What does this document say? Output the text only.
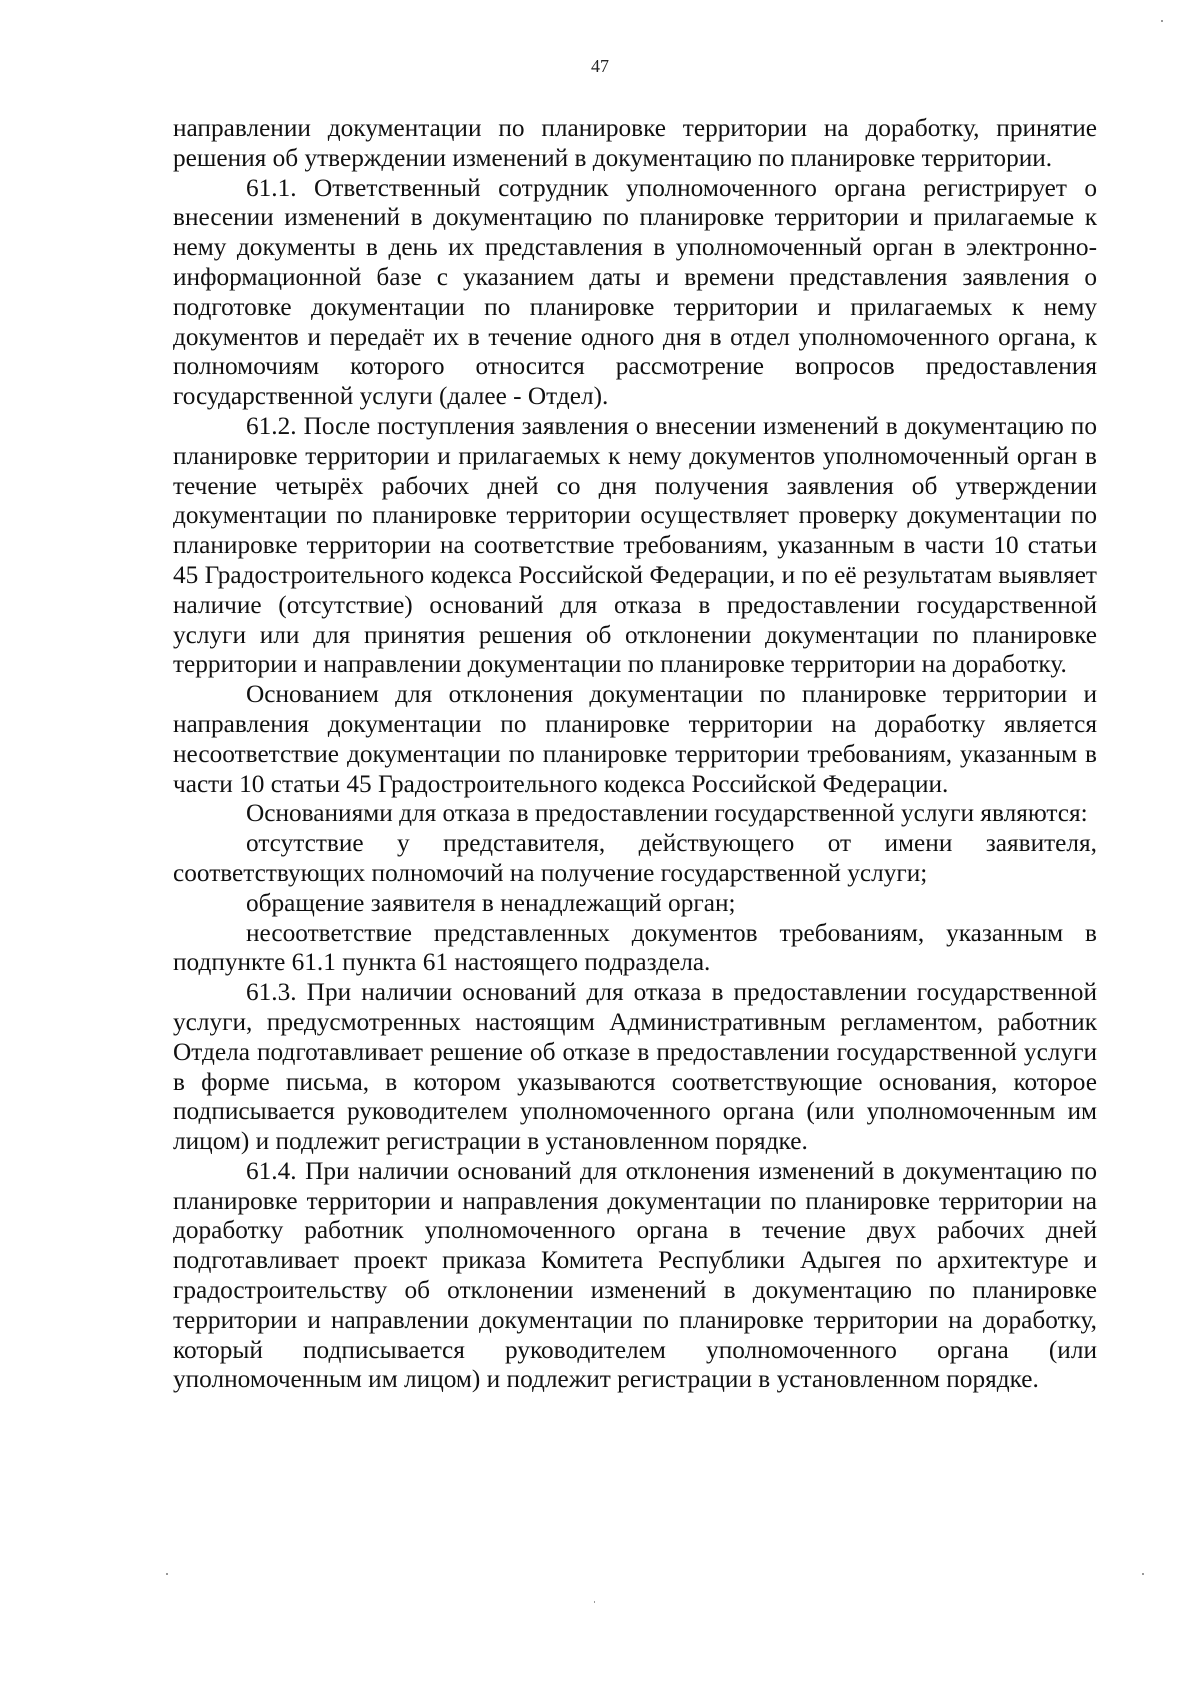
47

направлении документации по планировке территории на доработку, принятие решения об утверждении изменений в документацию по планировке территории.

61.1. Ответственный сотрудник уполномоченного органа регистрирует о внесении изменений в документацию по планировке территории и прилагаемые к нему документы в день их представления в уполномоченный орган в электронно-информационной базе с указанием даты и времени представления заявления о подготовке документации по планировке территории и прилагаемых к нему документов и передаёт их в течение одного дня в отдел уполномоченного органа, к полномочиям которого относится рассмотрение вопросов предоставления государственной услуги (далее - Отдел).

61.2. После поступления заявления о внесении изменений в документацию по планировке территории и прилагаемых к нему документов уполномоченный орган в течение четырёх рабочих дней со дня получения заявления об утверждении документации по планировке территории осуществляет проверку документации по планировке территории на соответствие требованиям, указанным в части 10 статьи 45 Градостроительного кодекса Российской Федерации, и по её результатам выявляет наличие (отсутствие) оснований для отказа в предоставлении государственной услуги или для принятия решения об отклонении документации по планировке территории и направлении документации по планировке территории на доработку.

Основанием для отклонения документации по планировке территории и направления документации по планировке территории на доработку является несоответствие документации по планировке территории требованиям, указанным в части 10 статьи 45 Градостроительного кодекса Российской Федерации.

Основаниями для отказа в предоставлении государственной услуги являются:

отсутствие у представителя, действующего от имени заявителя, соответствующих полномочий на получение государственной услуги;

обращение заявителя в ненадлежащий орган;

несоответствие представленных документов требованиям, указанным в подпункте 61.1 пункта 61 настоящего подраздела.

61.3. При наличии оснований для отказа в предоставлении государственной услуги, предусмотренных настоящим Административным регламентом, работник Отдела подготавливает решение об отказе в предоставлении государственной услуги в форме письма, в котором указываются соответствующие основания, которое подписывается руководителем уполномоченного органа (или уполномоченным им лицом) и подлежит регистрации в установленном порядке.

61.4. При наличии оснований для отклонения изменений в документацию по планировке территории и направления документации по планировке территории на доработку работник уполномоченного органа в течение двух рабочих дней подготавливает проект приказа Комитета Республики Адыгея по архитектуре и градостроительству об отклонении изменений в документацию по планировке территории и направлении документации по планировке территории на доработку, который подписывается руководителем уполномоченного органа (или уполномоченным им лицом) и подлежит регистрации в установленном порядке.
